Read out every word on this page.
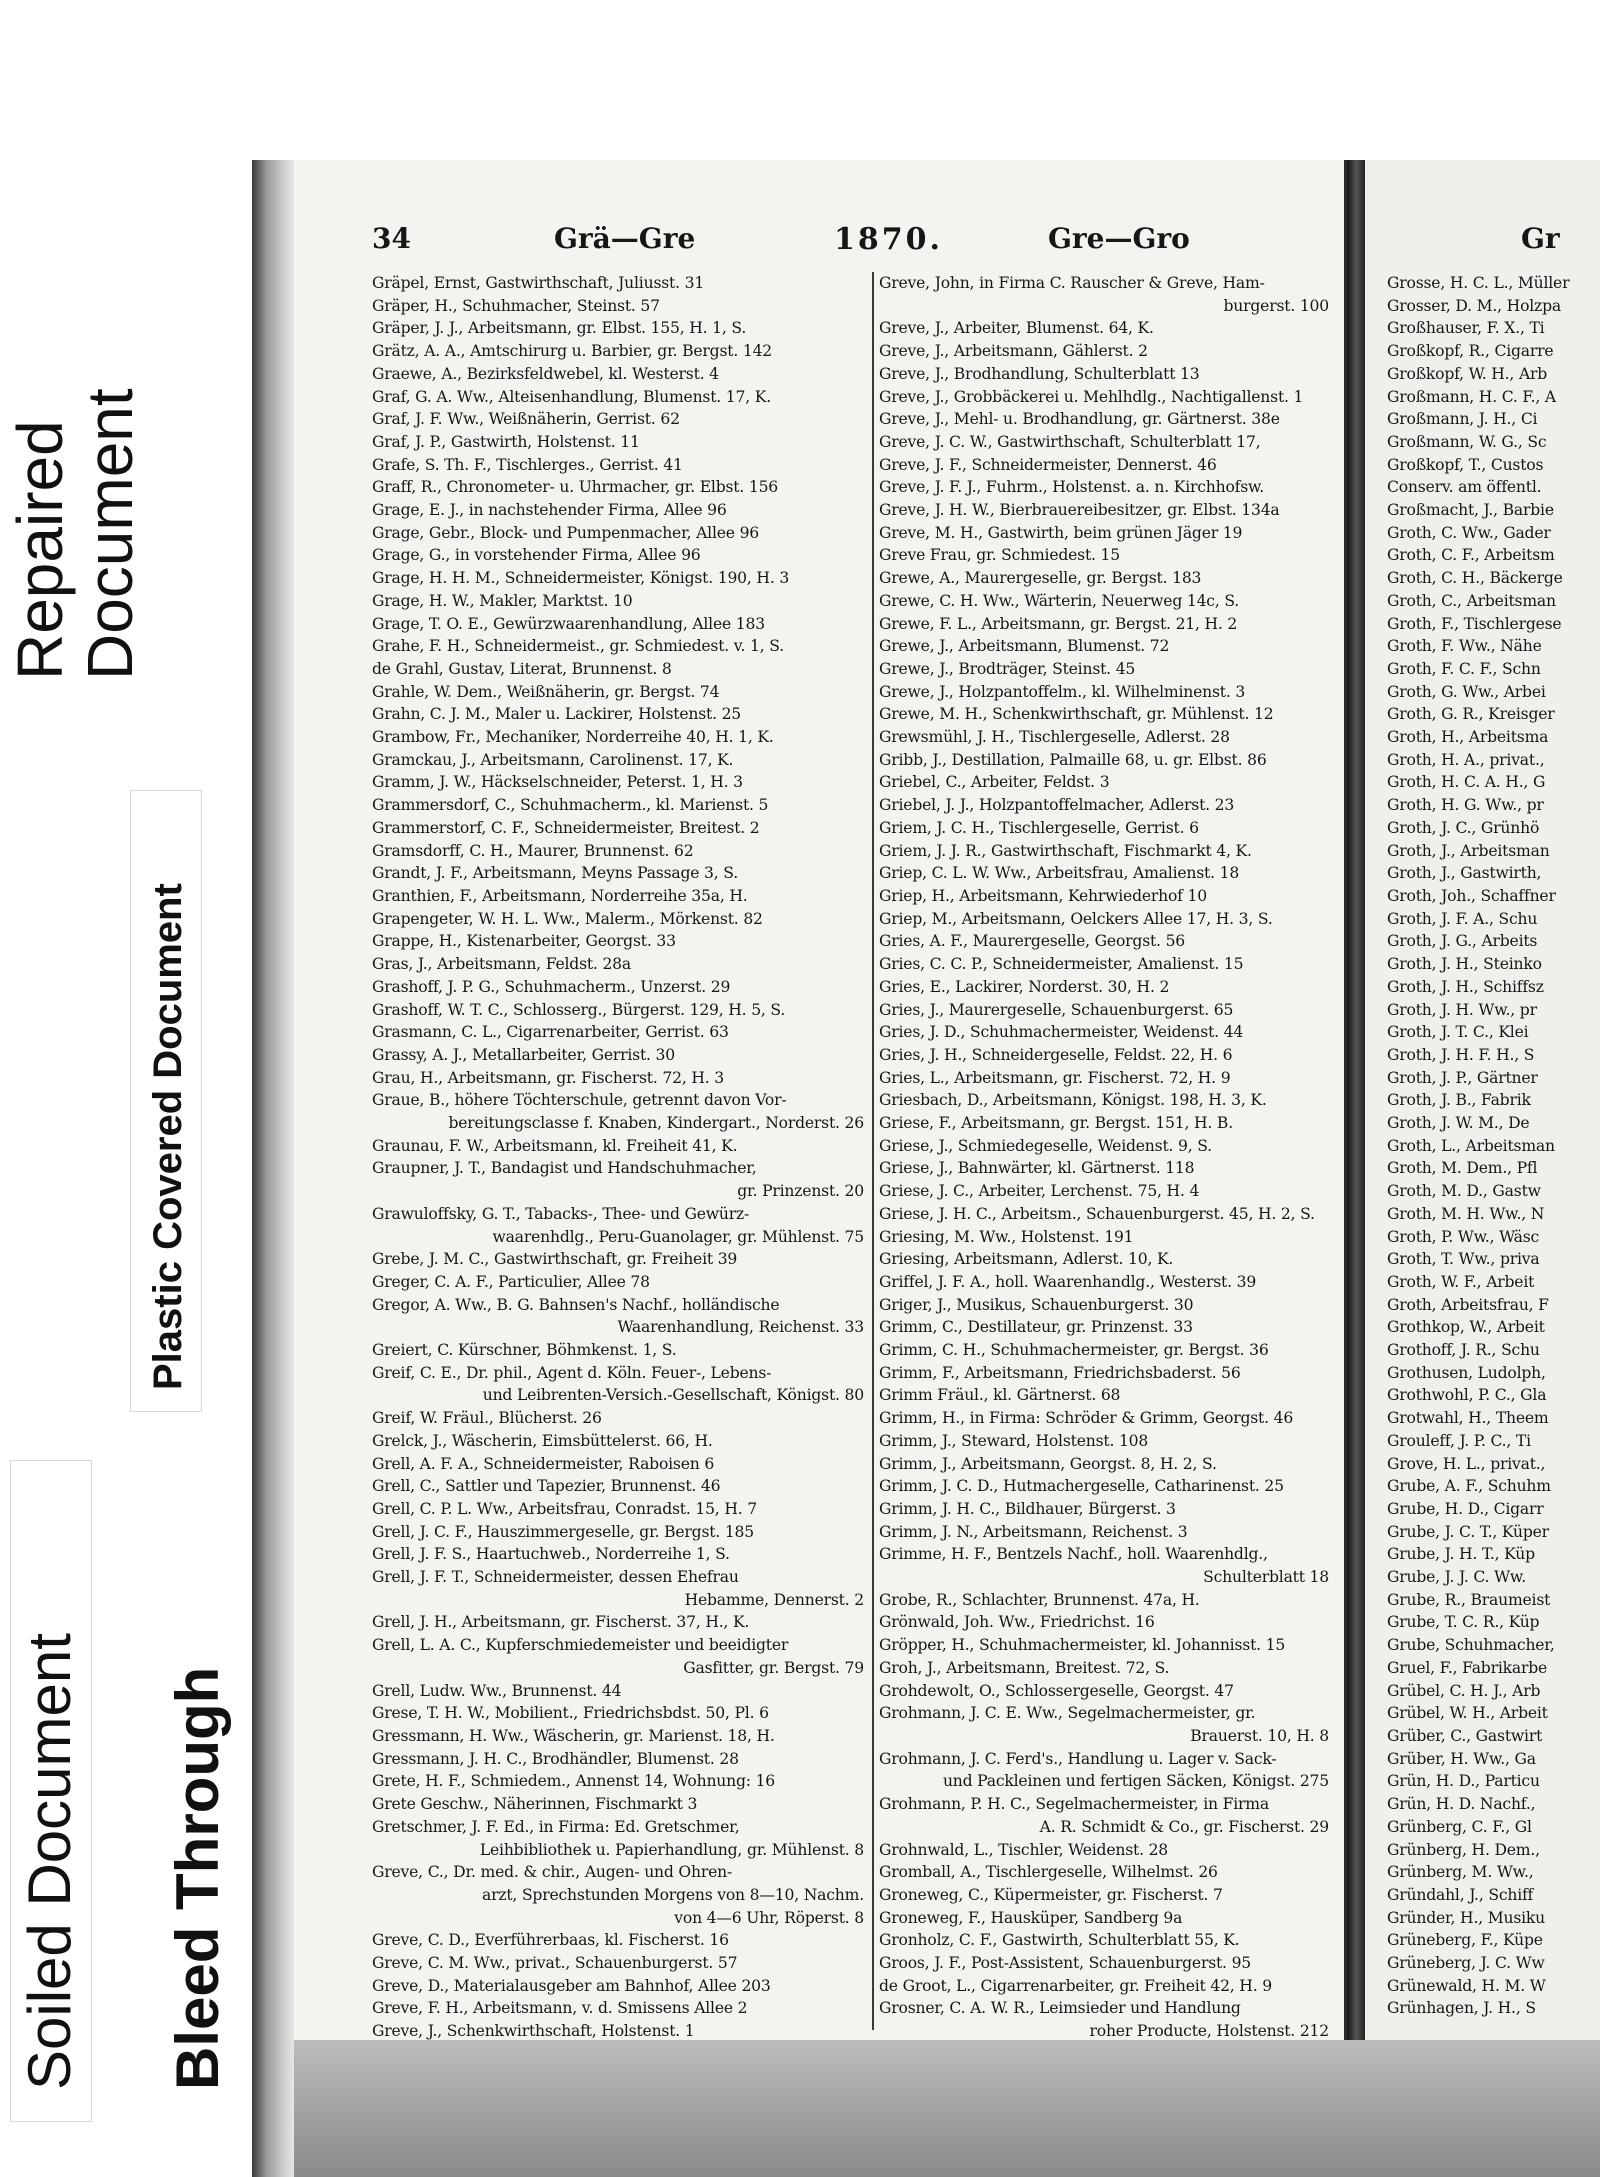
Repaired
Document
Plastic Covered Document
Soiled Document Bleed Through
34	Grä—Gre	1870.	Gre—Gro
Gräpel, Ernst, Gastwirthschaft, Juliusst. 31
Gräper, H., Schuhmacher, Steinst. 57
Gräper, J. J., Arbeitsmann, gr. Elbst. 155, H. 1, S.
Grätz, A. A., Amtschirurg u. Barbier, gr. Bergst. 142
Graewe, A., Bezirksfeldwebel, kl. Westerst. 4
Graf, G. A. Ww., Alteisenhandlung, Blumenst. 17, K.
Graf, J. F. Ww., Weißnäherin, Gerrist. 62
Graf, J. P., Gastwirth, Holstenst. 11
Grafe, S. Th. F., Tischlerges., Gerrist. 41
Graff, R., Chronometer- u. Uhrmacher, gr. Elbst. 156
Grage, E. J., in nachstehender Firma, Allee 96
Grage, Gebr., Block- und Pumpenmacher, Allee 96
Grage, G., in vorstehender Firma, Allee 96
Grage, H. H. M., Schneidermeister, Königst. 190, H. 3
Grage, H. W., Makler, Marktst. 10
Grage, T. O. E., Gewürzwaarenhandlung, Allee 183
Grahe, F. H., Schneidermeist., gr. Schmiedest. v. 1, S.
de Grahl, Gustav, Literat, Brunnenst. 8
Grahle, W. Dem., Weißnäherin, gr. Bergst. 74
Grahn, C. J. M., Maler u. Lackirer, Holstenst. 25
Grambow, Fr., Mechaniker, Norderreihe 40, H. 1, K.
Gramckau, J., Arbeitsmann, Carolinenst. 17, K.
Gramm, J. W., Häckselschneider, Peterst. 1, H. 3
Grammersdorf, C., Schuhmacherm., kl. Marienst. 5
Grammerstorf, C. F., Schneidermeister, Breitest. 2
Gramsdorff, C. H., Maurer, Brunnenst. 62
Grandt, J. F., Arbeitsmann, Meyns Passage 3, S.
Granthien, F., Arbeitsmann, Norderreihe 35a, H.
Grapengeter, W. H. L. Ww., Malerm., Mörkenst. 82
Grappe, H., Kistenarbeiter, Georgst. 33
Gras, J., Arbeitsmann, Feldst. 28a
Grashoff, J. P. G., Schuhmacherm., Unzerst. 29
Grashoff, W. T. C., Schlosserg., Bürgerst. 129, H. 5, S.
Grasmann, C. L., Cigarrenarbeiter, Gerrist. 63
Grassy, A. J., Metallarbeiter, Gerrist. 30
Grau, H., Arbeitsmann, gr. Fischerst. 72, H. 3
Graue, B., höhere Töchterschule, getrennt davon Vor-
bereitungsclasse f. Knaben, Kindergart., Norderst. 26
Graunau, F. W., Arbeitsmann, kl. Freiheit 41, K.
Graupner, J. T., Bandagist und Handschuhmacher,
gr. Prinzenst. 20
Grawuloffsky, G. T., Tabacks-, Thee- und Gewürz-
waarenhdlg., Peru-Guanolager, gr. Mühlenst. 75
Grebe, J. M. C., Gastwirthschaft, gr. Freiheit 39
Greger, C. A. F., Particulier, Allee 78
Gregor, A. Ww., B. G. Bahnsen's Nachf., holländische
Waarenhandlung, Reichenst. 33
Greiert, C. Kürschner, Böhmkenst. 1, S.
Greif, C. E., Dr. phil., Agent d. Köln. Feuer-, Lebens-
und Leibrenten-Versich.-Gesellschaft, Königst. 80
Greif, W. Fräul., Blücherst. 26
Grelck, J., Wäscherin, Eimsbüttelerst. 66, H.
Grell, A. F. A., Schneidermeister, Raboisen 6
Grell, C., Sattler und Tapezier, Brunnenst. 46
Grell, C. P. L. Ww., Arbeitsfrau, Conradst. 15, H. 7
Grell, J. C. F., Hauszimmergeselle, gr. Bergst. 185
Grell, J. F. S., Haartuchweb., Norderreihe 1, S.
Grell, J. F. T., Schneidermeister, dessen Ehefrau
Hebamme, Dennerst. 2
Grell, J. H., Arbeitsmann, gr. Fischerst. 37, H., K.
Grell, L. A. C., Kupferschmiedemeister und beeidigter
Gasfitter, gr. Bergst. 79
Grell, Ludw. Ww., Brunnenst. 44
Grese, T. H. W., Mobilient., Friedrichsbdst. 50, Pl. 6
Gressmann, H. Ww., Wäscherin, gr. Marienst. 18, H.
Gressmann, J. H. C., Brodhändler, Blumenst. 28
Grete, H. F., Schmiedem., Annenst 14, Wohnung: 16
Grete Geschw., Näherinnen, Fischmarkt 3
Gretschmer, J. F. Ed., in Firma: Ed. Gretschmer,
Leihbibliothek u. Papierhandlung, gr. Mühlenst. 8
Greve, C., Dr. med. & chir., Augen- und Ohren-
arzt, Sprechstunden Morgens von 8—10, Nachm.
von 4—6 Uhr, Röperst. 8
Greve, C. D., Everführerbaas, kl. Fischerst. 16
Greve, C. M. Ww., privat., Schauenburgerst. 57
Greve, D., Materialausgeber am Bahnhof, Allee 203
Greve, F. H., Arbeitsmann, v. d. Smissens Allee 2
Greve, J., Schenkwirthschaft, Holstenst. 1
Greve, John, in Firma C. Rauscher & Greve, Ham-
burgerst. 100
Greve, J., Arbeiter, Blumenst. 64, K.
Greve, J., Arbeitsmann, Gählerst. 2
Greve, J., Brodhandlung, Schulterblatt 13
Greve, J., Grobbäckerei u. Mehlhdlg., Nachtigallenst. 1
Greve, J., Mehl- u. Brodhandlung, gr. Gärtnerst. 38e
Greve, J. C. W., Gastwirthschaft, Schulterblatt 17,
Greve, J. F., Schneidermeister, Dennerst. 46
Greve, J. F. J., Fuhrm., Holstenst. a. n. Kirchhofsw.
Greve, J. H. W., Bierbrauereibesitzer, gr. Elbst. 134a
Greve, M. H., Gastwirth, beim grünen Jäger 19
Greve Frau, gr. Schmiedest. 15
Grewe, A., Maurergeselle, gr. Bergst. 183
Grewe, C. H. Ww., Wärterin, Neuerweg 14c, S.
Grewe, F. L., Arbeitsmann, gr. Bergst. 21, H. 2
Grewe, J., Arbeitsmann, Blumenst. 72
Grewe, J., Brodträger, Steinst. 45
Grewe, J., Holzpantoffelm., kl. Wilhelminenst. 3
Grewe, M. H., Schenkwirthschaft, gr. Mühlenst. 12
Grewsmühl, J. H., Tischlergeselle, Adlerst. 28
Gribb, J., Destillation, Palmaille 68, u. gr. Elbst. 86
Griebel, C., Arbeiter, Feldst. 3
Griebel, J. J., Holzpantoffelmacher, Adlerst. 23
Griem, J. C. H., Tischlergeselle, Gerrist. 6
Griem, J. J. R., Gastwirthschaft, Fischmarkt 4, K.
Griep, C. L. W. Ww., Arbeitsfrau, Amalienst. 18
Griep, H., Arbeitsmann, Kehrwiederhof 10
Griep, M., Arbeitsmann, Oelckers Allee 17, H. 3, S.
Gries, A. F., Maurergeselle, Georgst. 56
Gries, C. C. P., Schneidermeister, Amalienst. 15
Gries, E., Lackirer, Norderst. 30, H. 2
Gries, J., Maurergeselle, Schauenburgerst. 65
Gries, J. D., Schuhmachermeister, Weidenst. 44
Gries, J. H., Schneidergeselle, Feldst. 22, H. 6
Gries, L., Arbeitsmann, gr. Fischerst. 72, H. 9
Griesbach, D., Arbeitsmann, Königst. 198, H. 3, K.
Griese, F., Arbeitsmann, gr. Bergst. 151, H. B.
Griese, J., Schmiedegeselle, Weidenst. 9, S.
Griese, J., Bahnwärter, kl. Gärtnerst. 118
Griese, J. C., Arbeiter, Lerchenst. 75, H. 4
Griese, J. H. C., Arbeitsm., Schauenburgerst. 45, H. 2, S.
Griesing, M. Ww., Holstenst. 191
Griesing, Arbeitsmann, Adlerst. 10, K.
Griffel, J. F. A., holl. Waarenhandlg., Westerst. 39
Griger, J., Musikus, Schauenburgerst. 30
Grimm, C., Destillateur, gr. Prinzenst. 33
Grimm, C. H., Schuhmachermeister, gr. Bergst. 36
Grimm, F., Arbeitsmann, Friedrichsbaderst. 56
Grimm Fräul., kl. Gärtnerst. 68
Grimm, H., in Firma: Schröder & Grimm, Georgst. 46
Grimm, J., Steward, Holstenst. 108
Grimm, J., Arbeitsmann, Georgst. 8, H. 2, S.
Grimm, J. C. D., Hutmachergeselle, Catharinenst. 25
Grimm, J. H. C., Bildhauer, Bürgerst. 3
Grimm, J. N., Arbeitsmann, Reichenst. 3
Grimme, H. F., Bentzels Nachf., holl. Waarenhdlg.,
Schulterblatt 18
Grobe, R., Schlachter, Brunnenst. 47a, H.
Grönwald, Joh. Ww., Friedrichst. 16
Gröpper, H., Schuhmachermeister, kl. Johannisst. 15
Groh, J., Arbeitsmann, Breitest. 72, S.
Grohdewolt, O., Schlossergeselle, Georgst. 47
Grohmann, J. C. E. Ww., Segelmachermeister, gr.
Brauerst. 10, H. 8
Grohmann, J. C. Ferd's., Handlung u. Lager v. Sack-
und Packleinen und fertigen Säcken, Königst. 275
Grohmann, P. H. C., Segelmachermeister, in Firma
A. R. Schmidt & Co., gr. Fischerst. 29
Grohnwald, L., Tischler, Weidenst. 28
Gromball, A., Tischlergeselle, Wilhelmst. 26
Groneweg, C., Küpermeister, gr. Fischerst. 7
Groneweg, F., Hausküper, Sandberg 9a
Gronholz, C. F., Gastwirth, Schulterblatt 55, K.
Groos, J. F., Post-Assistent, Schauenburgerst. 95
de Groot, L., Cigarrenarbeiter, gr. Freiheit 42, H. 9
Grosner, C. A. W. R., Leimsieder und Handlung
roher Producte, Holstenst. 212
Gr
Grosse, H. C. L., Müller
Grosser, D. M., Holzpa
Großhauser, F. X., Ti
Großkopf, R., Cigarre
Großkopf, W. H., Arb
Großmann, H. C. F., A
Großmann, J. H., Ci
Großmann, W. G., Sc
Großkopf, T., Custos
Conserv. am öffentl.
Großmacht, J., Barbie
Groth, C. Ww., Gader
Groth, C. F., Arbeitsm
Groth, C. H., Bäckerge
Groth, C., Arbeitsman
Groth, F., Tischlergese
Groth, F. Ww., Nähe
Groth, F. C. F., Schn
Groth, G. Ww., Arbei
Groth, G. R., Kreisger
Groth, H., Arbeitsma
Groth, H. A., privat.,
Groth, H. C. A. H., G
Groth, H. G. Ww., pr
Groth, J. C., Grünhö
Groth, J., Arbeitsman
Groth, J., Gastwirth,
Groth, Joh., Schaffner
Groth, J. F. A., Schu
Groth, J. G., Arbeits
Groth, J. H., Steinko
Groth, J. H., Schiffsz
Groth, J. H. Ww., pr
Groth, J. T. C., Klei
Groth, J. H. F. H., S
Groth, J. P., Gärtner
Groth, J. B., Fabrik
Groth, J. W. M., De
Groth, L., Arbeitsman
Groth, M. Dem., Pfl
Groth, M. D., Gastw
Groth, M. H. Ww., N
Groth, P. Ww., Wäsc
Groth, T. Ww., priva
Groth, W. F., Arbeit
Groth, Arbeitsfrau, F
Grothkop, W., Arbeit
Grothoff, J. R., Schu
Grothusen, Ludolph,
Grothwohl, P. C., Gla
Grotwahl, H., Theem
Grouleff, J. P. C., Ti
Grove, H. L., privat.,
Grube, A. F., Schuhm
Grube, H. D., Cigarr
Grube, J. C. T., Küper
Grube, J. H. T., Küp
Grube, J. J. C. Ww.
Grube, R., Braumeist
Grube, T. C. R., Küp
Grube, Schuhmacher,
Gruel, F., Fabrikarbe
Grübel, C. H. J., Arb
Grübel, W. H., Arbeit
Grüber, C., Gastwirt
Grüber, H. Ww., Ga
Grün, H. D., Particu
Grün, H. D. Nachf.,
Grünberg, C. F., Gl
Grünberg, H. Dem.,
Grünberg, M. Ww.,
Gründahl, J., Schiff
Gründer, H., Musiku
Grüneberg, F., Küpe
Grüneberg, J. C. Ww
Grünewald, H. M. W
Grünhagen, J. H., S
